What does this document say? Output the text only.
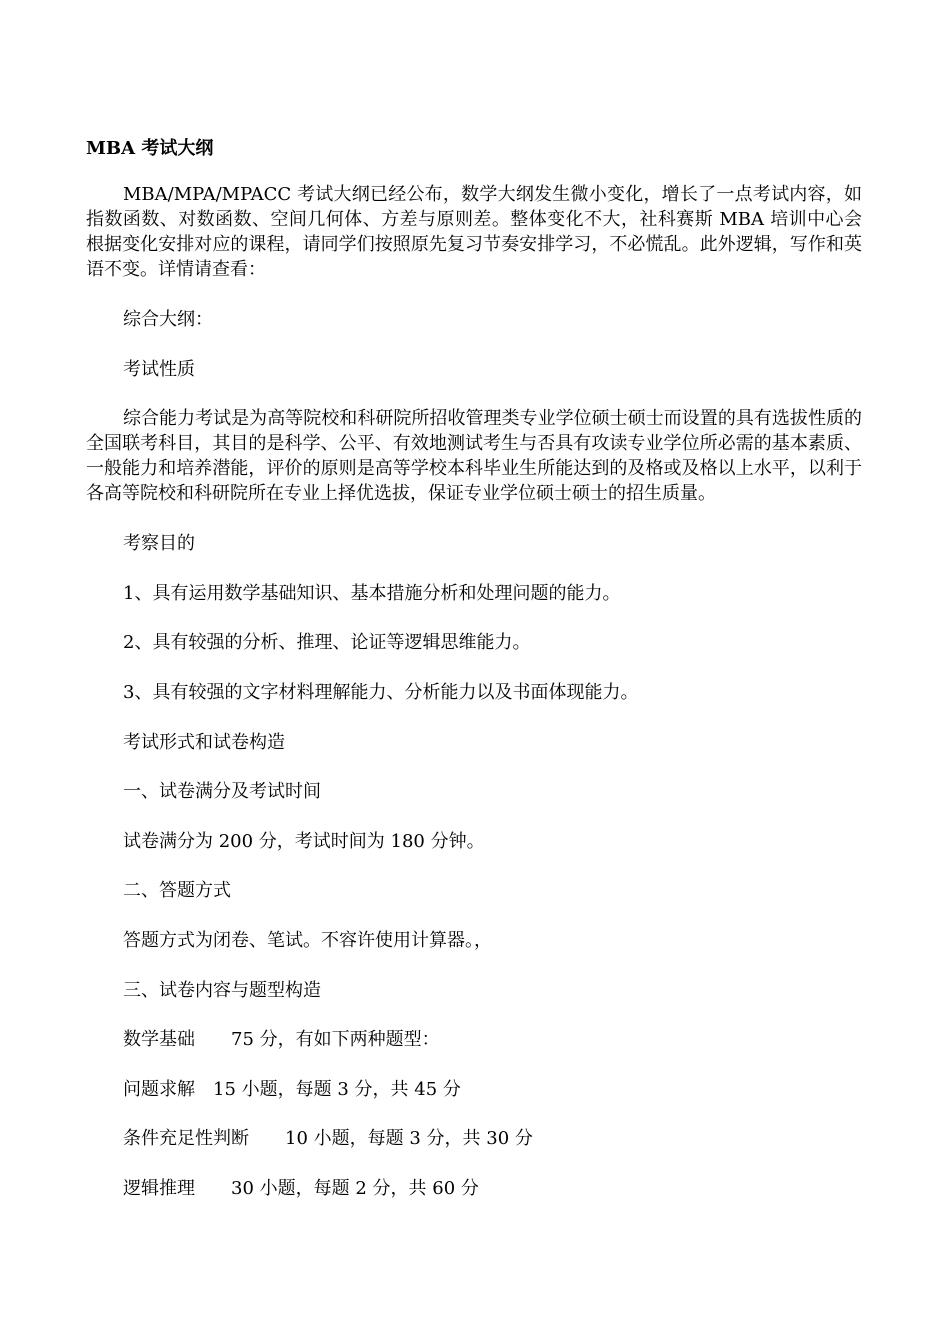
MBA 考试大纲

MBA/MPA/MPACC 考试大纲已经公布，数学大纲发生微小变化，增长了一点考试内容，如指数函数、对数函数、空间几何体、方差与原则差。整体变化不大，社科赛斯 MBA 培训中心会根据变化安排对应的课程，请同学们按照原先复习节奏安排学习，不必慌乱。此外逻辑，写作和英语不变。详情请查看：

综合大纲：
考试性质

综合能力考试是为高等院校和科研院所招收管理类专业学位硕士硕士而设置的具有选拔性质的全国联考科目，其目的是科学、公平、有效地测试考生与否具有攻读专业学位所必需的基本素质、一般能力和培养潜能，评价的原则是高等学校本科毕业生所能达到的及格或及格以上水平，以利于各高等院校和科研院所在专业上择优选拔，保证专业学位硕士硕士的招生质量。

考察目的
1、具有运用数学基础知识、基本措施分析和处理问题的能力。
2、具有较强的分析、推理、论证等逻辑思维能力。
3、具有较强的文字材料理解能力、分析能力以及书面体现能力。
考试形式和试卷构造
一、试卷满分及考试时间
试卷满分为 200 分，考试时间为 180 分钟。
二、答题方式
答题方式为闭卷、笔试。不容许使用计算器。，
三、试卷内容与题型构造
数学基础　　75 分，有如下两种题型：
问题求解　15 小题，每题 3 分，共 45 分
条件充足性判断　　10 小题，每题 3 分，共 30 分
逻辑推理　　30 小题，每题 2 分，共 60 分
